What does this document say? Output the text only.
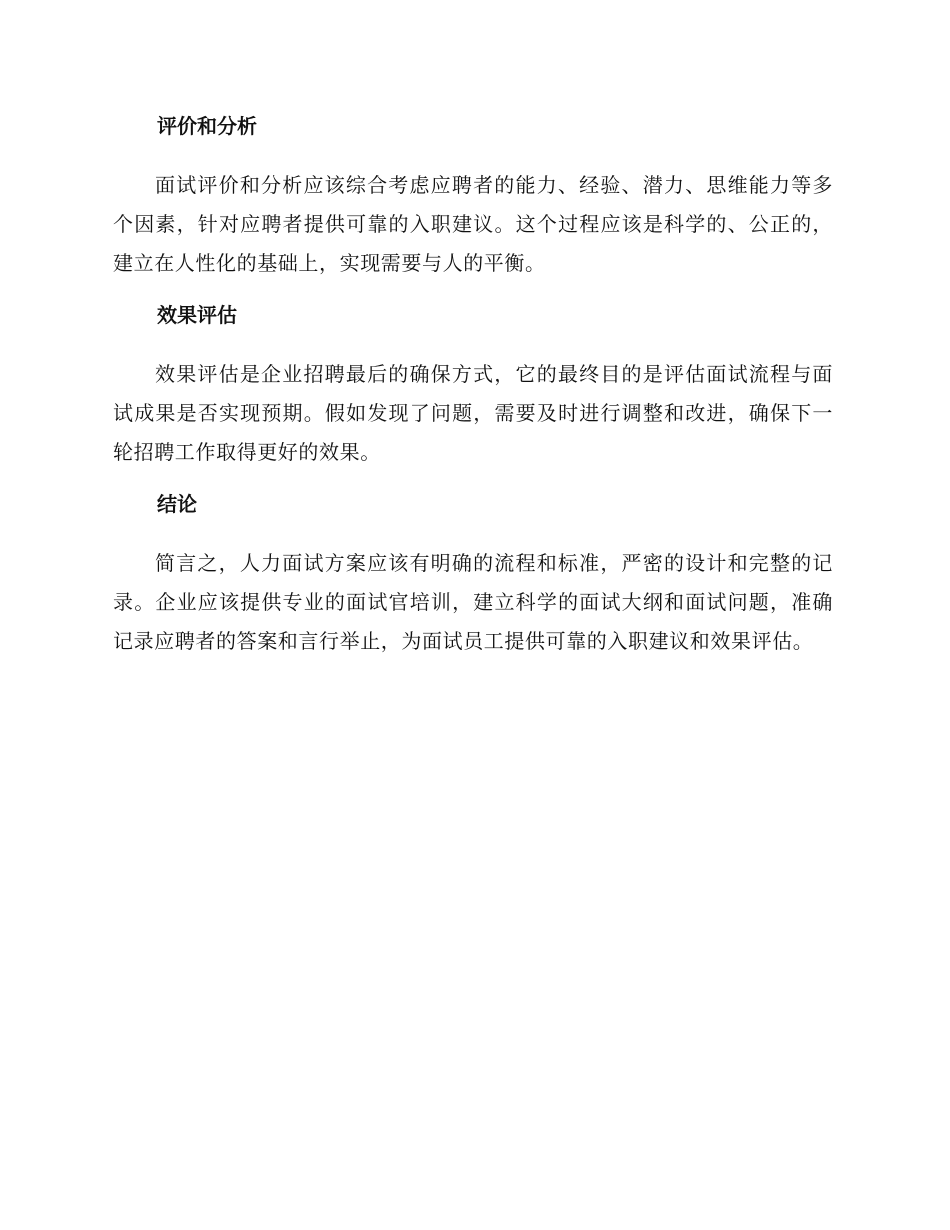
评价和分析

面试评价和分析应该综合考虑应聘者的能力、经验、潜力、思维能力等多个因素，针对应聘者提供可靠的入职建议。这个过程应该是科学的、公正的，建立在人性化的基础上，实现需要与人的平衡。

效果评估

效果评估是企业招聘最后的确保方式，它的最终目的是评估面试流程与面试成果是否实现预期。假如发现了问题，需要及时进行调整和改进，确保下一轮招聘工作取得更好的效果。

结论

简言之，人力面试方案应该有明确的流程和标准，严密的设计和完整的记录。企业应该提供专业的面试官培训，建立科学的面试大纲和面试问题，准确记录应聘者的答案和言行举止，为面试员工提供可靠的入职建议和效果评估。
